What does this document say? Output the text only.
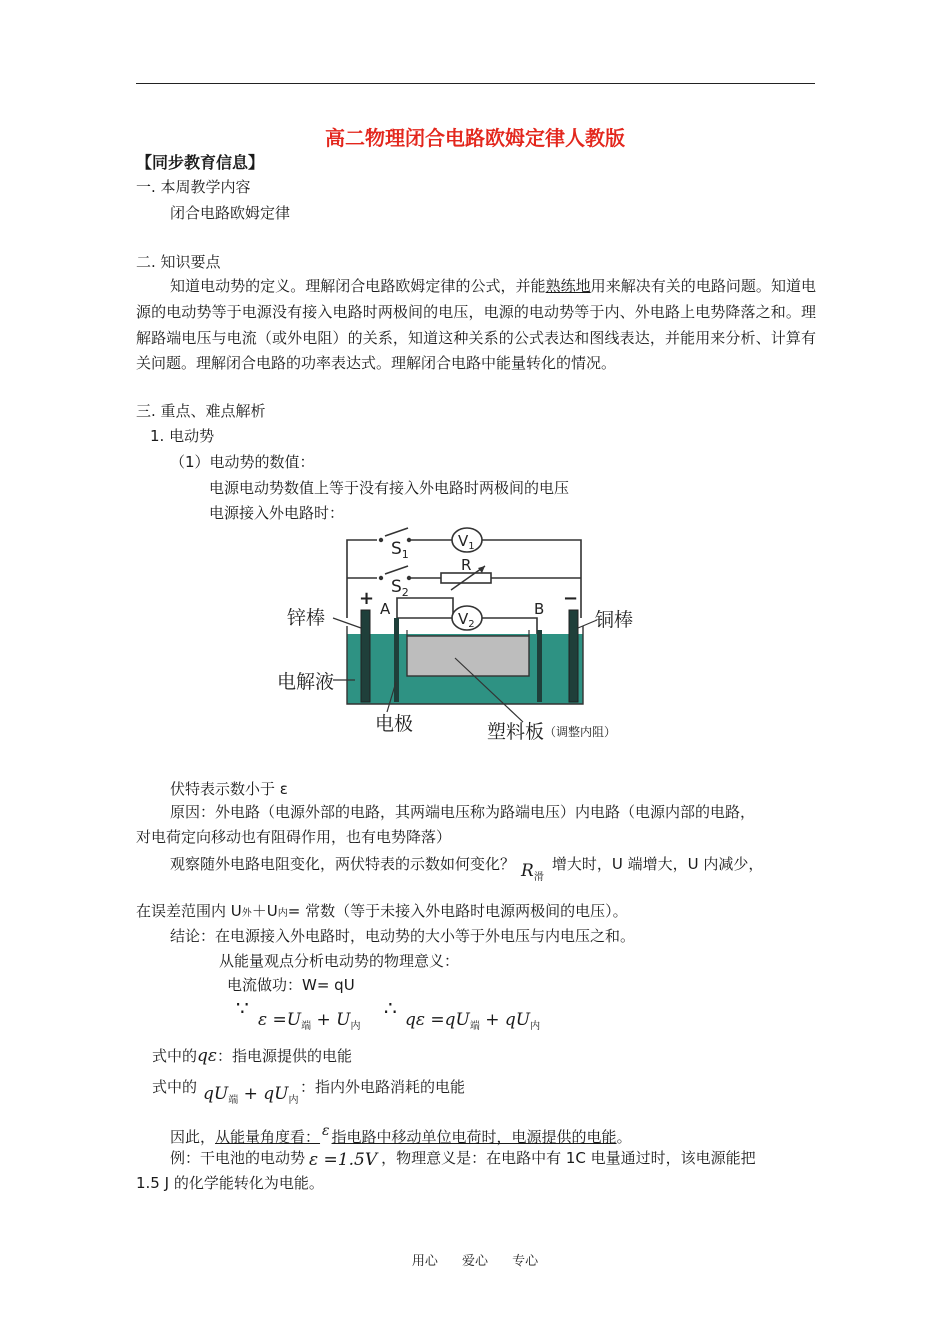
高二物理闭合电路欧姆定律人教版
【同步教育信息】
一. 本周教学内容
闭合电路欧姆定律
二. 知识要点
知道电动势的定义。理解闭合电路欧姆定律的公式，并能熟练地用来解决有关的电路问题。知道电源的电动势等于电源没有接入电路时两极间的电压，电源的电动势等于内、外电路上电势降落之和。理解路端电压与电流（或外电阻）的关系，知道这种关系的公式表达和图线表达，并能用来分析、计算有关问题。理解闭合电路的功率表达式。理解闭合电路中能量转化的情况。
三. 重点、难点解析
1. 电动势
（1）电动势的数值：
电源电动势数值上等于没有接入外电路时两极间的电压
电源接入外电路时：
$S_1$
$S_2$
$V_1$
R
$V_2$
+	−
A	B
锌棒	铜棒
电解液
电极	塑料板（调整内阻）
伏特表示数小于 ε
原因：外电路（电源外部的电路，其两端电压称为路端电压）内电路（电源内部的电路，
对电荷定向移动也有阻碍作用，也有电势降落）
观察随外电路电阻变化，两伏特表的示数如何变化？ $R_滑$增大时，U 端增大，U 内减少，
在误差范围内 U外＋U内= 常数（等于未接入外电路时电源两极间的电压）。
结论：在电源接入外电路时，电动势的大小等于外电压与内电压之和。
从能量观点分析电动势的物理意义：
电流做功：W= qU
∵ $\varepsilon =U_端 + U_内$
∴ $q\varepsilon =qU_端 + qU_内$
式中的qε：指电源提供的电能
式中的 $qU_端 + qU_内$
：指内外电路消耗的电能
因此，从能量角度看： ε 指电路中移动单位电荷时，电源提供的电能。
例：干电池的电动势 ε =1.5V ，物理意义是：在电路中有 1C 电量通过时，该电源能把
1.5 J 的化学能转化为电能。
用心 爱心 专心
